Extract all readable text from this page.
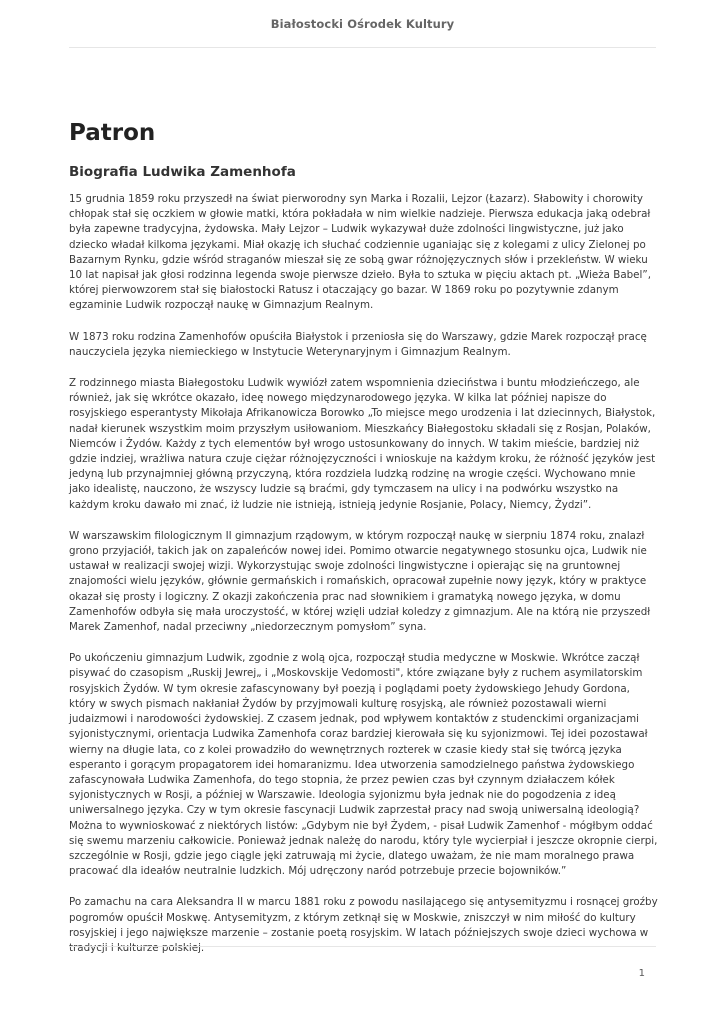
Białostocki Ośrodek Kultury
Patron
Biografia Ludwika Zamenhofa

15 grudnia 1859 roku przyszedł na świat pierworodny syn Marka i Rozalii, Lejzor (Łazarz). Słabowity i chorowity chłopak stał się oczkiem w głowie matki, która pokładała w nim wielkie nadzieje. Pierwsza edukacja jaką odebrał była zapewne tradycyjna, żydowska. Mały Lejzor – Ludwik wykazywał duże zdolności lingwistyczne, już jako dziecko władał kilkoma językami. Miał okazję ich słuchać codziennie uganiając się z kolegami z ulicy Zielonej po Bazarnym Rynku, gdzie wśród straganów mieszał się ze sobą gwar różnojęzycznych słów i przekleństw. W wieku 10 lat napisał jak głosi rodzinna legenda swoje pierwsze dzieło. Była to sztuka w pięciu aktach pt. „Wieża Babel”, której pierwowzorem stał się białostocki Ratusz i otaczający go bazar. W 1869 roku po pozytywnie zdanym egzaminie Ludwik rozpoczął naukę w Gimnazjum Realnym.

W 1873 roku rodzina Zamenhofów opuściła Białystok i przeniosła się do Warszawy, gdzie Marek rozpoczął pracę nauczyciela języka niemieckiego w Instytucie Weterynaryjnym i Gimnazjum Realnym.

Z rodzinnego miasta Białegostoku Ludwik wywiózł zatem wspomnienia dzieciństwa i buntu młodzieńczego, ale również, jak się wkrótce okazało, ideę nowego międzynarodowego języka. W kilka lat później napisze do rosyjskiego esperantysty Mikołaja Afrikanowicza Borowko „To miejsce mego urodzenia i lat dziecinnych, Białystok, nadał kierunek wszystkim moim przyszłym usiłowaniom. Mieszkańcy Białegostoku składali się z Rosjan, Polaków, Niemców i Żydów. Każdy z tych elementów był wrogo ustosunkowany do innych. W takim mieście, bardziej niż gdzie indziej, wrażliwa natura czuje ciężar różnojęzyczności i wnioskuje na każdym kroku, że różność języków jest jedyną lub przynajmniej główną przyczyną, która rozdziela ludzką rodzinę na wrogie części. Wychowano mnie jako idealistę, nauczono, że wszyscy ludzie są braćmi, gdy tymczasem na ulicy i na podwórku wszystko na każdym kroku dawało mi znać, iż ludzie nie istnieją, istnieją jedynie Rosjanie, Polacy, Niemcy, Żydzi”.

W warszawskim filologicznym II gimnazjum rządowym, w którym rozpoczął naukę w sierpniu 1874 roku, znalazł grono przyjaciół, takich jak on zapaleńców nowej idei. Pomimo otwarcie negatywnego stosunku ojca, Ludwik nie ustawał w realizacji swojej wizji. Wykorzystując swoje zdolności lingwistyczne i opierając się na gruntownej znajomości wielu języków, głównie germańskich i romańskich, opracował zupełnie nowy język, który w praktyce okazał się prosty i logiczny. Z okazji zakończenia prac nad słownikiem i gramatyką nowego języka, w domu Zamenhofów odbyła się mała uroczystość, w której wzięli udział koledzy z gimnazjum. Ale na którą nie przyszedł Marek Zamenhof, nadal przeciwny „niedorzecznym pomysłom” syna.

Po ukończeniu gimnazjum Ludwik, zgodnie z wolą ojca, rozpoczął studia medyczne w Moskwie. Wkrótce zaczął pisywać do czasopism „Ruskij Jewrej„ i „Moskovskije Vedomosti", które związane były z ruchem asymilatorskim rosyjskich Żydów. W tym okresie zafascynowany był poezją i poglądami poety żydowskiego Jehudy Gordona, który w swych pismach nakłaniał Żydów by przyjmowali kulturę rosyjską, ale również pozostawali wierni judaizmowi i narodowości żydowskiej. Z czasem jednak, pod wpływem kontaktów z studenckimi organizacjami syjonistycznymi, orientacja Ludwika Zamenhofa coraz bardziej kierowała się ku syjonizmowi. Tej idei pozostawał wierny na długie lata, co z kolei prowadziło do wewnętrznych rozterek w czasie kiedy stał się twórcą języka esperanto i gorącym propagatorem idei homaranizmu. Idea utworzenia samodzielnego państwa żydowskiego zafascynowała Ludwika Zamenhofa, do tego stopnia, że przez pewien czas był czynnym działaczem kółek syjonistycznych w Rosji, a później w Warszawie. Ideologia syjonizmu była jednak nie do pogodzenia z ideą uniwersalnego języka. Czy w tym okresie fascynacji Ludwik zaprzestał pracy nad swoją uniwersalną ideologią? Można to wywnioskować z niektórych listów: „Gdybym nie był Żydem, - pisał Ludwik Zamenhof - mógłbym oddać się swemu marzeniu całkowicie. Ponieważ jednak należę do narodu, który tyle wycierpiał i jeszcze okropnie cierpi, szczególnie w Rosji, gdzie jego ciągle jęki zatruwają mi życie, dlatego uważam, że nie mam moralnego prawa pracować dla ideałów neutralnie ludzkich. Mój udręczony naród potrzebuje przecie bojowników.”

Po zamachu na cara Aleksandra II w marcu 1881 roku z powodu nasilającego się antysemityzmu i rosnącej groźby pogromów opuścił Moskwę. Antysemityzm, z którym zetknął się w Moskwie, zniszczył w nim miłość do kultury rosyjskiej i jego największe marzenie – zostanie poetą rosyjskim. W latach późniejszych swoje dzieci wychowa w tradycji i kulturze polskiej.

1
